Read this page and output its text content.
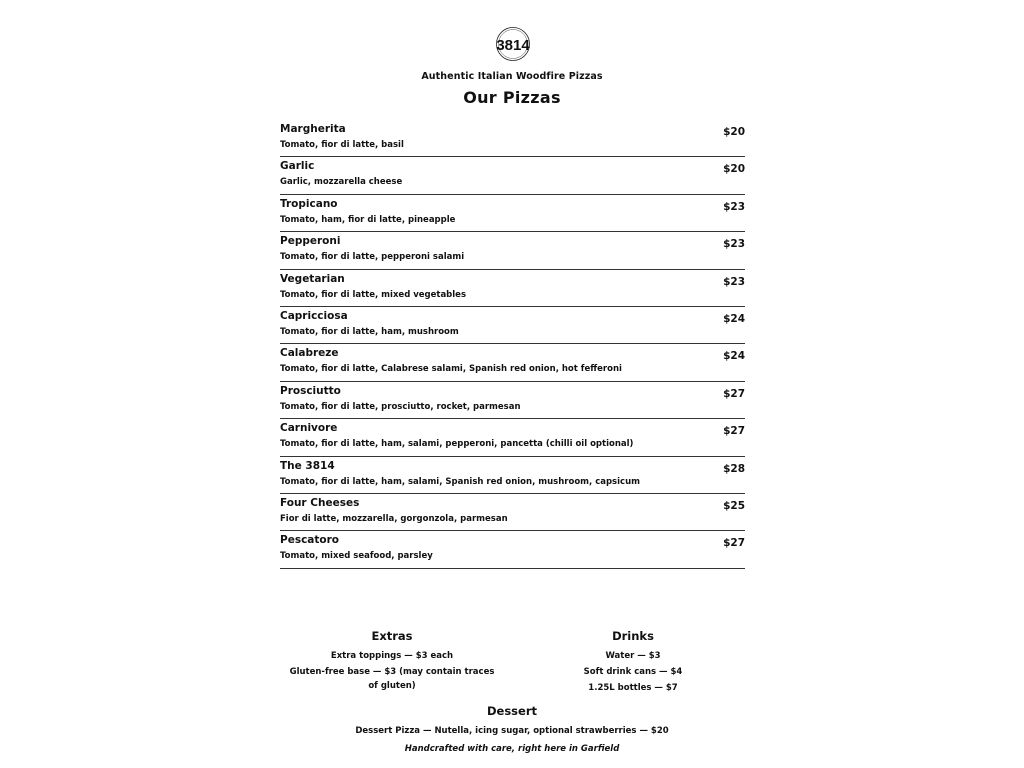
3814
Authentic Italian Woodfire Pizzas
Our Pizzas
Margherita
Tomato, fior di latte, basil
$20
Garlic
Garlic, mozzarella cheese
$20
Tropicano
Tomato, ham, fior di latte, pineapple
$23
Pepperoni
Tomato, fior di latte, pepperoni salami
$23
Vegetarian
Tomato, fior di latte, mixed vegetables
$23
Capricciosa
Tomato, fior di latte, ham, mushroom
$24
Calabreze
Tomato, fior di latte, Calabrese salami, Spanish red onion, hot fefferoni
$24
Prosciutto
Tomato, fior di latte, prosciutto, rocket, parmesan
$27
Carnivore
Tomato, fior di latte, ham, salami, pepperoni, pancetta (chilli oil optional)
$27
The 3814
Tomato, fior di latte, ham, salami, Spanish red onion, mushroom, capsicum
$28
Four Cheeses
Fior di latte, mozzarella, gorgonzola, parmesan
$25
Pescatoro
Tomato, mixed seafood, parsley
$27
Extras
Extra toppings — $3 each
Gluten-free base — $3 (may contain traces
of gluten)
Drinks
Water — $3
Soft drink cans — $4
1.25L bottles — $7
Dessert
Dessert Pizza — Nutella, icing sugar, optional strawberries — $20
Handcrafted with care, right here in Garfield
